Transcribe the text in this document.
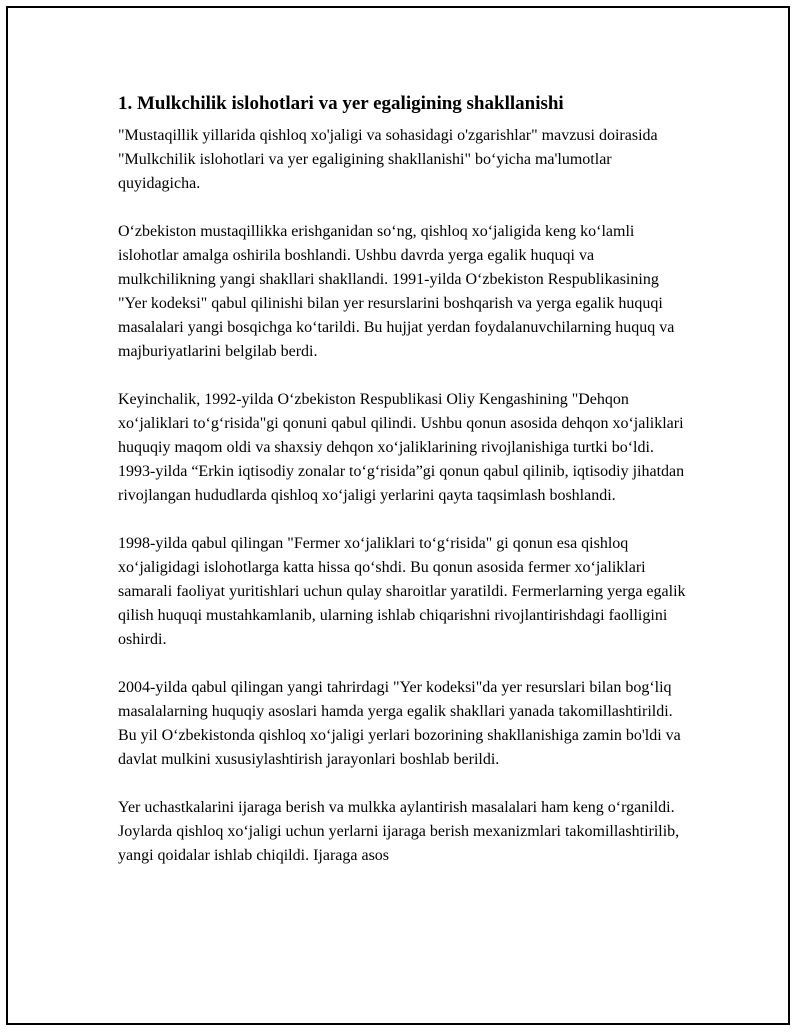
1. Mulkchilik islohotlari va yer egaligining shakllanishi

"Mustaqillik yillarida qishloq xo'jaligi va sohasidagi o'zgarishlar" mavzusi doirasida "Mulkchilik islohotlari va yer egaligining shakllanishi" bo‘yicha ma'lumotlar quyidagicha.

O‘zbekiston mustaqillikka erishganidan so‘ng, qishloq xo‘jaligida keng ko‘lamli islohotlar amalga oshirila boshlandi. Ushbu davrda yerga egalik huquqi va mulkchilikning yangi shakllari shakllandi. 1991-yilda O‘zbekiston Respublikasining "Yer kodeksi" qabul qilinishi bilan yer resurslarini boshqarish va yerga egalik huquqi masalalari yangi bosqichga ko‘tarildi. Bu hujjat yerdan foydalanuvchilarning huquq va majburiyatlarini belgilab berdi.

Keyinchalik, 1992-yilda O‘zbekiston Respublikasi Oliy Kengashining "Dehqon xo‘jaliklari to‘g‘risida"gi qonuni qabul qilindi. Ushbu qonun asosida dehqon xo‘jaliklari huquqiy maqom oldi va shaxsiy dehqon xo‘jaliklarining rivojlanishiga turtki bo‘ldi. 1993-yilda “Erkin iqtisodiy zonalar to‘g‘risida”gi qonun qabul qilinib, iqtisodiy jihatdan rivojlangan hududlarda qishloq xo‘jaligi yerlarini qayta taqsimlash boshlandi.

1998-yilda qabul qilingan "Fermer xo‘jaliklari to‘g‘risida" gi qonun esa qishloq xo‘jaligidagi islohotlarga katta hissa qo‘shdi. Bu qonun asosida fermer xo‘jaliklari samarali faoliyat yuritishlari uchun qulay sharoitlar yaratildi. Fermerlarning yerga egalik qilish huquqi mustahkamlanib, ularning ishlab chiqarishni rivojlantirishdagi faolligini oshirdi.

2004-yilda qabul qilingan yangi tahrirdagi "Yer kodeksi"da yer resurslari bilan bog‘liq masalalarning huquqiy asoslari hamda yerga egalik shakllari yanada takomillashtirildi. Bu yil O‘zbekistonda qishloq xo‘jaligi yerlari bozorining shakllanishiga zamin bo'ldi va davlat mulkini xususiylashtirish jarayonlari boshlab berildi.

Yer uchastkalarini ijaraga berish va mulkka aylantirish masalalari ham keng o‘rganildi. Joylarda qishloq xo‘jaligi uchun yerlarni ijaraga berish mexanizmlari takomillashtirilib, yangi qoidalar ishlab chiqildi. Ijaraga asos
